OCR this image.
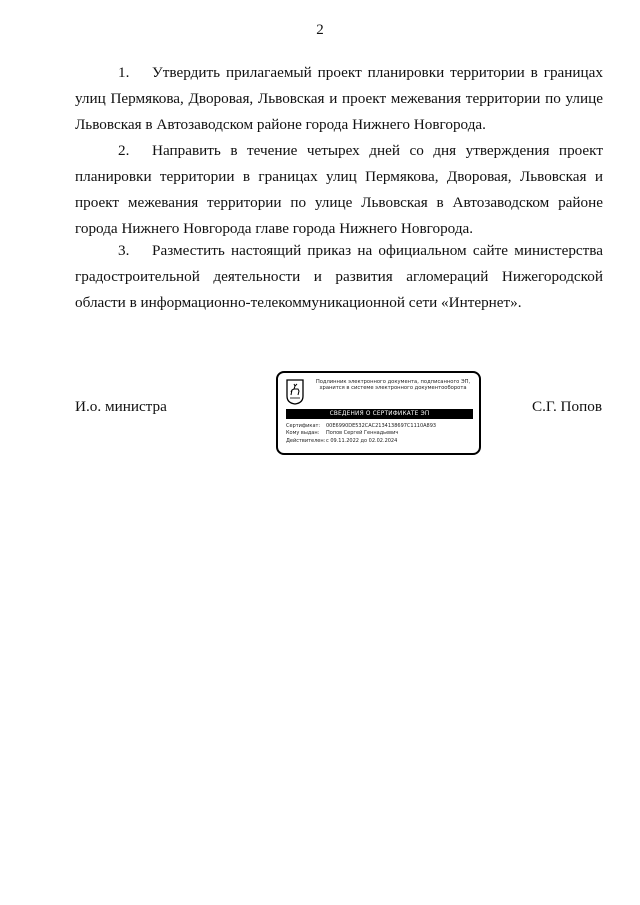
2
1. Утвердить прилагаемый проект планировки территории в границах улиц Пермякова, Дворовая, Львовская и проект межевания территории по улице Львовская в Автозаводском районе города Нижнего Новгорода.
2. Направить в течение четырех дней со дня утверждения проект планировки территории в границах улиц Пермякова, Дворовая, Львовская и проект межевания территории по улице Львовская в Автозаводском районе города Нижнего Новгорода главе города Нижнего Новгорода.
3. Разместить настоящий приказ на официальном сайте министерства градостроительной деятельности и развития агломераций Нижегородской области в информационно-телекоммуникационной сети «Интернет».
И.о. министра	С.Г. Попов
Подлинник электронного документа, подписанного ЭП,
хранится в системе электронного документооборота
СВЕДЕНИЯ О СЕРТИФИКАТЕ ЭП
Сертификат: 00E6990DE532CAC2134138697C1110A893
Кому выдан: Попов Сергей Геннадьевич
Действителен:с 09.11.2022 до 02.02.2024
